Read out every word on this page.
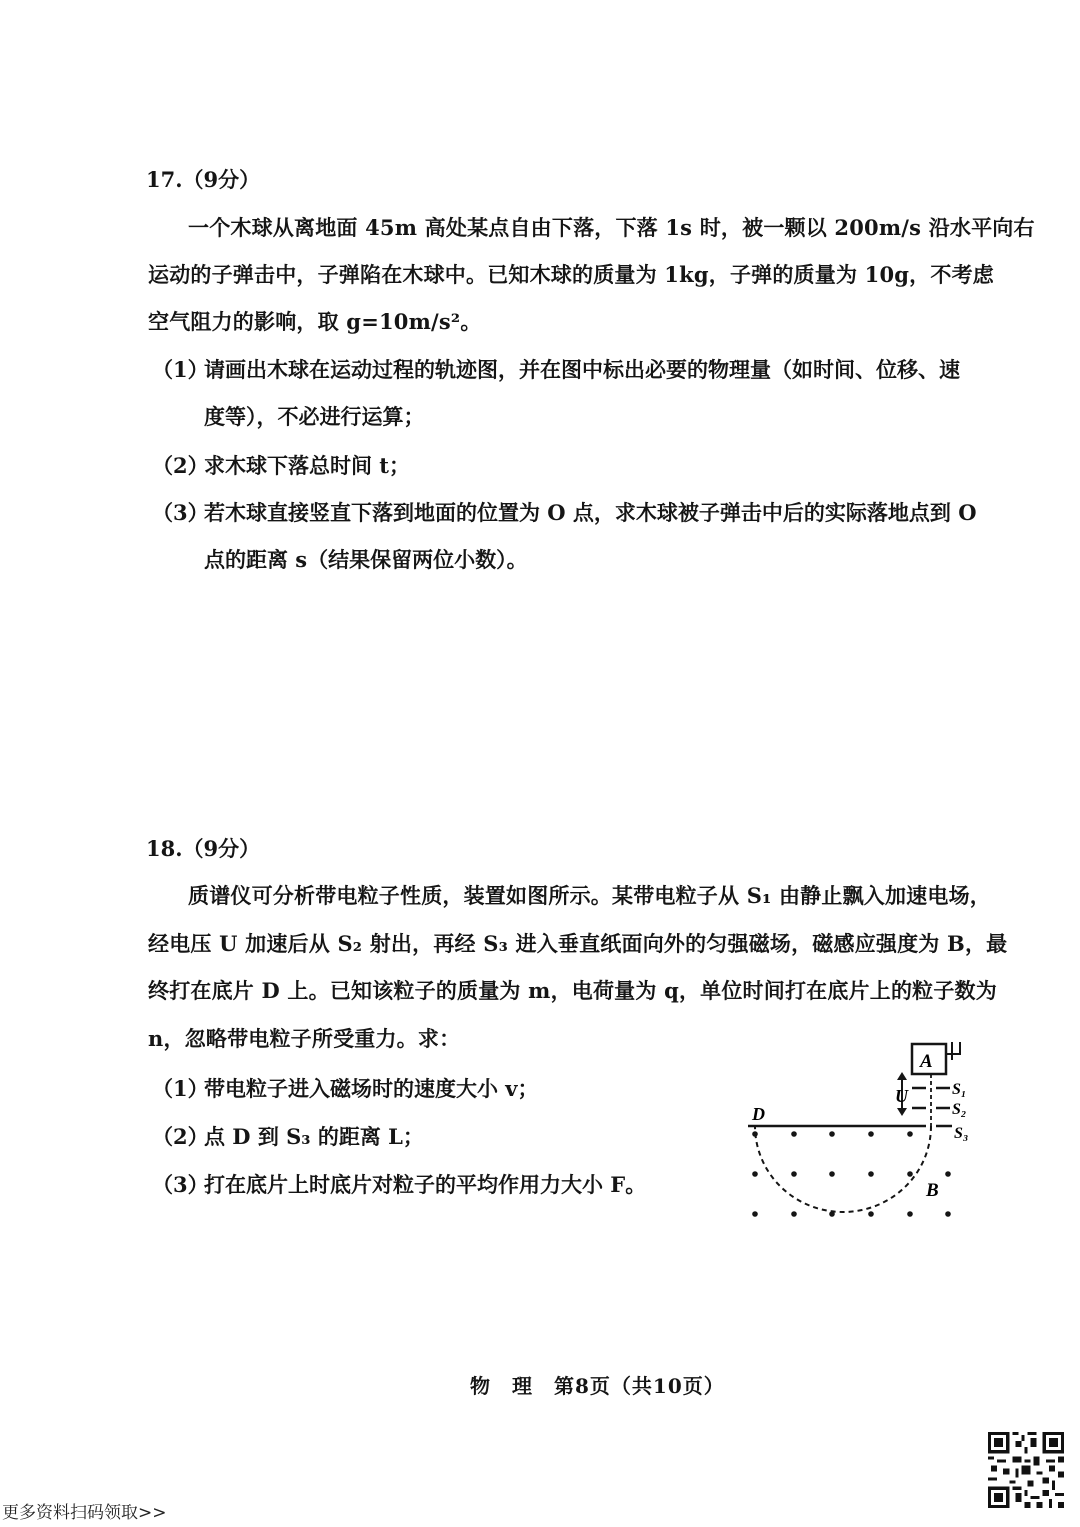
17.（9分）
一个木球从离地面 45m 高处某点自由下落，下落 1s 时，被一颗以 200m/s 沿水平向右
运动的子弹击中，子弹陷在木球中。已知木球的质量为 1kg，子弹的质量为 10g，不考虑
空气阻力的影响，取 g=10m/s²。
（1）
请画出木球在运动过程的轨迹图，并在图中标出必要的物理量（如时间、位移、速
度等），不必进行运算；
（2）
求木球下落总时间 t；
（3）
若木球直接竖直下落到地面的位置为 O 点，求木球被子弹击中后的实际落地点到 O
点的距离 s（结果保留两位小数）。
18.（9分）
质谱仪可分析带电粒子性质，装置如图所示。某带电粒子从 S₁ 由静止飘入加速电场，
经电压 U 加速后从 S₂ 射出，再经 S₃ 进入垂直纸面向外的匀强磁场，磁感应强度为 B，最
终打在底片 D 上。已知该粒子的质量为 m，电荷量为 q，单位时间打在底片上的粒子数为
n，忽略带电粒子所受重力。求：
（1）
带电粒子进入磁场时的速度大小 v；
（2）
点 D 到 S₃ 的距离 L；
（3）
打在底片上时底片对粒子的平均作用力大小 F。
A
U	S₁
S₂
D
S₃
B
物　理　第8页（共10页）
更多资料扫码领取>>
